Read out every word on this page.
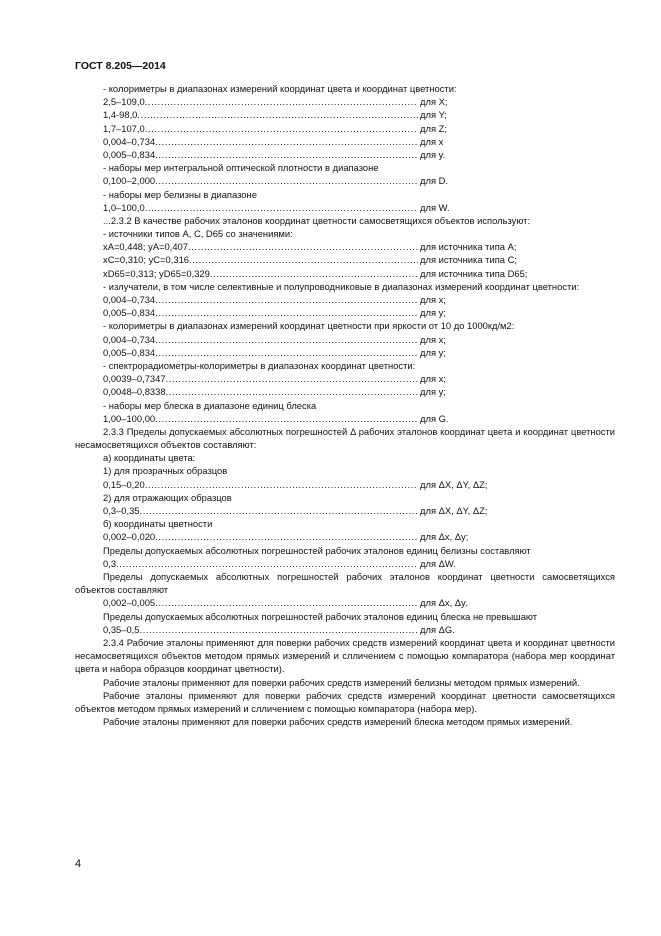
ГОСТ 8.205—2014
- колориметры в диапазонах измерений координат цвета и координат цветности:
2,5–109,0 .....	для X;
1,4-98,0 .....	для Y;
1,7–107,0 .....	для Z;
0,004–0,734 .....	для x
0,005–0,834 .....	для y.
- наборы мер интегральной оптической плотности в диапазоне
0,100–2,000 .....	для D.
- наборы мер белизны в диапазоне
1,0–100,0 .....	для W.
...2.3.2 В качестве рабочих эталонов координат цветности самосветящихся объектов используют:
- источники типов А, С, D65 со значениями:
xA=0,448; yA=0,407 .....	для источника типа А;
xC=0,310; yC=0,316 .....	для источника типа С;
xD65=0,313; yD65=0,329 .....	для источника типа D65;

- излучатели, в том числе селективные и полупроводниковые в диапазонах измерений координат цветности:

0,004–0,734 .....	для x;
0,005–0,834 .....	для y;
- колориметры в диапазонах измерений координат цветности при яркости от 10 до 1000кд/м2:
0,004–0,734 .....	для x;
0,005–0,834 .....	для y;
- спектрорадиометры-колориметры в диапазонах координат цветности:
0,0039–0,7347 .....	для x;
0,0048–0,8338 .....	для y;
- наборы мер блеска в диапазоне единиц блеска
1,00–100,00 .....	для G.

2.3.3 Пределы допускаемых абсолютных погрешностей Δ рабочих эталонов координат цвета и координат цветности несамосветящихся объектов составляют:

а) координаты цвета:
1) для прозрачных образцов
0,15–0,20 .....	для ΔX, ΔY, ΔZ;
2) для отражающих образцов
0,3–0,35 .....	для ΔX, ΔY, ΔZ;
б) координаты цветности
0,002–0,020 .....	для Δx, Δy;
Пределы допускаемых абсолютных погрешностей рабочих эталонов единиц белизны составляют
0,3 .....	для ΔW.

Пределы допускаемых абсолютных погрешностей рабочих эталонов координат цветности самосветящихся объектов составляют

0,002–0,005 .....	для Δx, Δy.
Пределы допускаемых абсолютных погрешностей рабочих эталонов единиц блеска не превышают
0,35–0,5 .....	для ΔG.

2.3.4 Рабочие эталоны применяют для поверки рабочих средств измерений координат цвета и координат цветности несамосветящихся объектов методом прямых измерений и слличением с помощью компаратора (набора мер координат цвета и набора образцов координат цветности).

Рабочие эталоны применяют для поверки рабочих средств измерений белизны методом прямых измерений.

Рабочие эталоны применяют для поверки рабочих средств измерений координат цветности самосветящихся объектов методом прямых измерений и слличением с помощью компаратора (набора мер).

Рабочие эталоны применяют для поверки рабочих средств измерений блеска методом прямых измерений.

4
